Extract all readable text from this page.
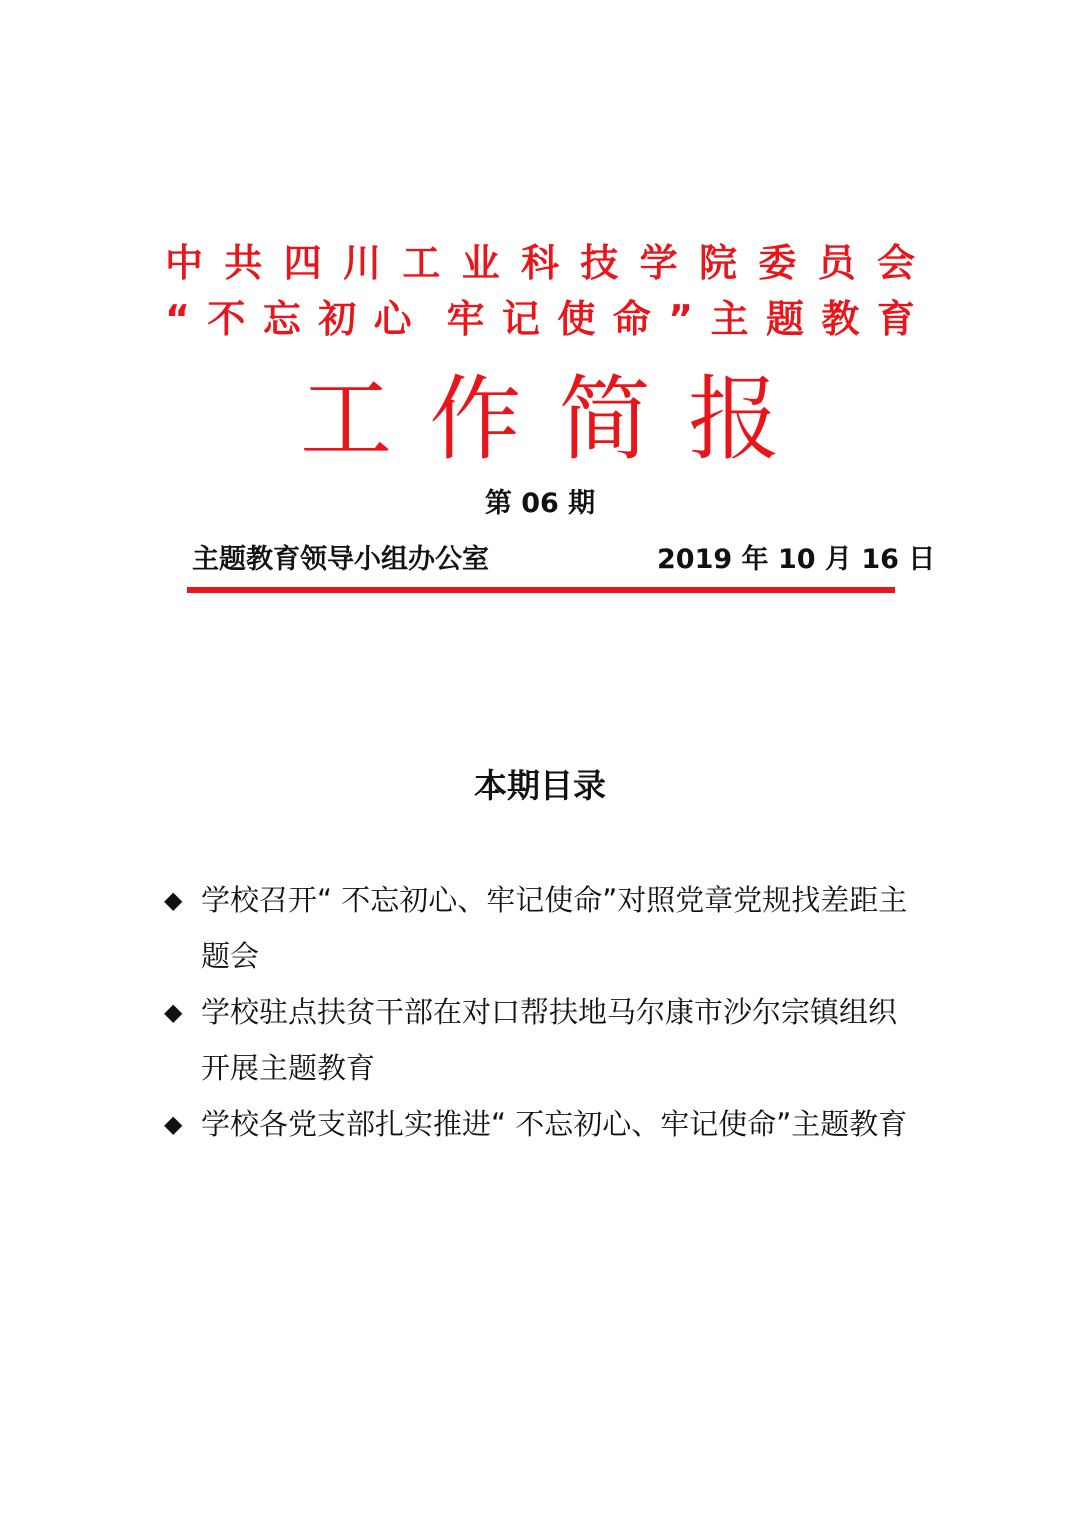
中 共 四 川 工 业 科 技 学 院 委 员 会
“ 不 忘 初 心 牢 记 使 命 ” 主 题 教 育
工 作 简 报
第 06 期
主题教育领导小组办公室	2019 年 10 月 16 日
本期目录
◆ 学校召开“ 不忘初心、牢记使命”对照党章党规找差距主题会
◆ 学校驻点扶贫干部在对口帮扶地马尔康市沙尔宗镇组织开展主题教育
◆ 学校各党支部扎实推进“ 不忘初心、牢记使命”主题教育
